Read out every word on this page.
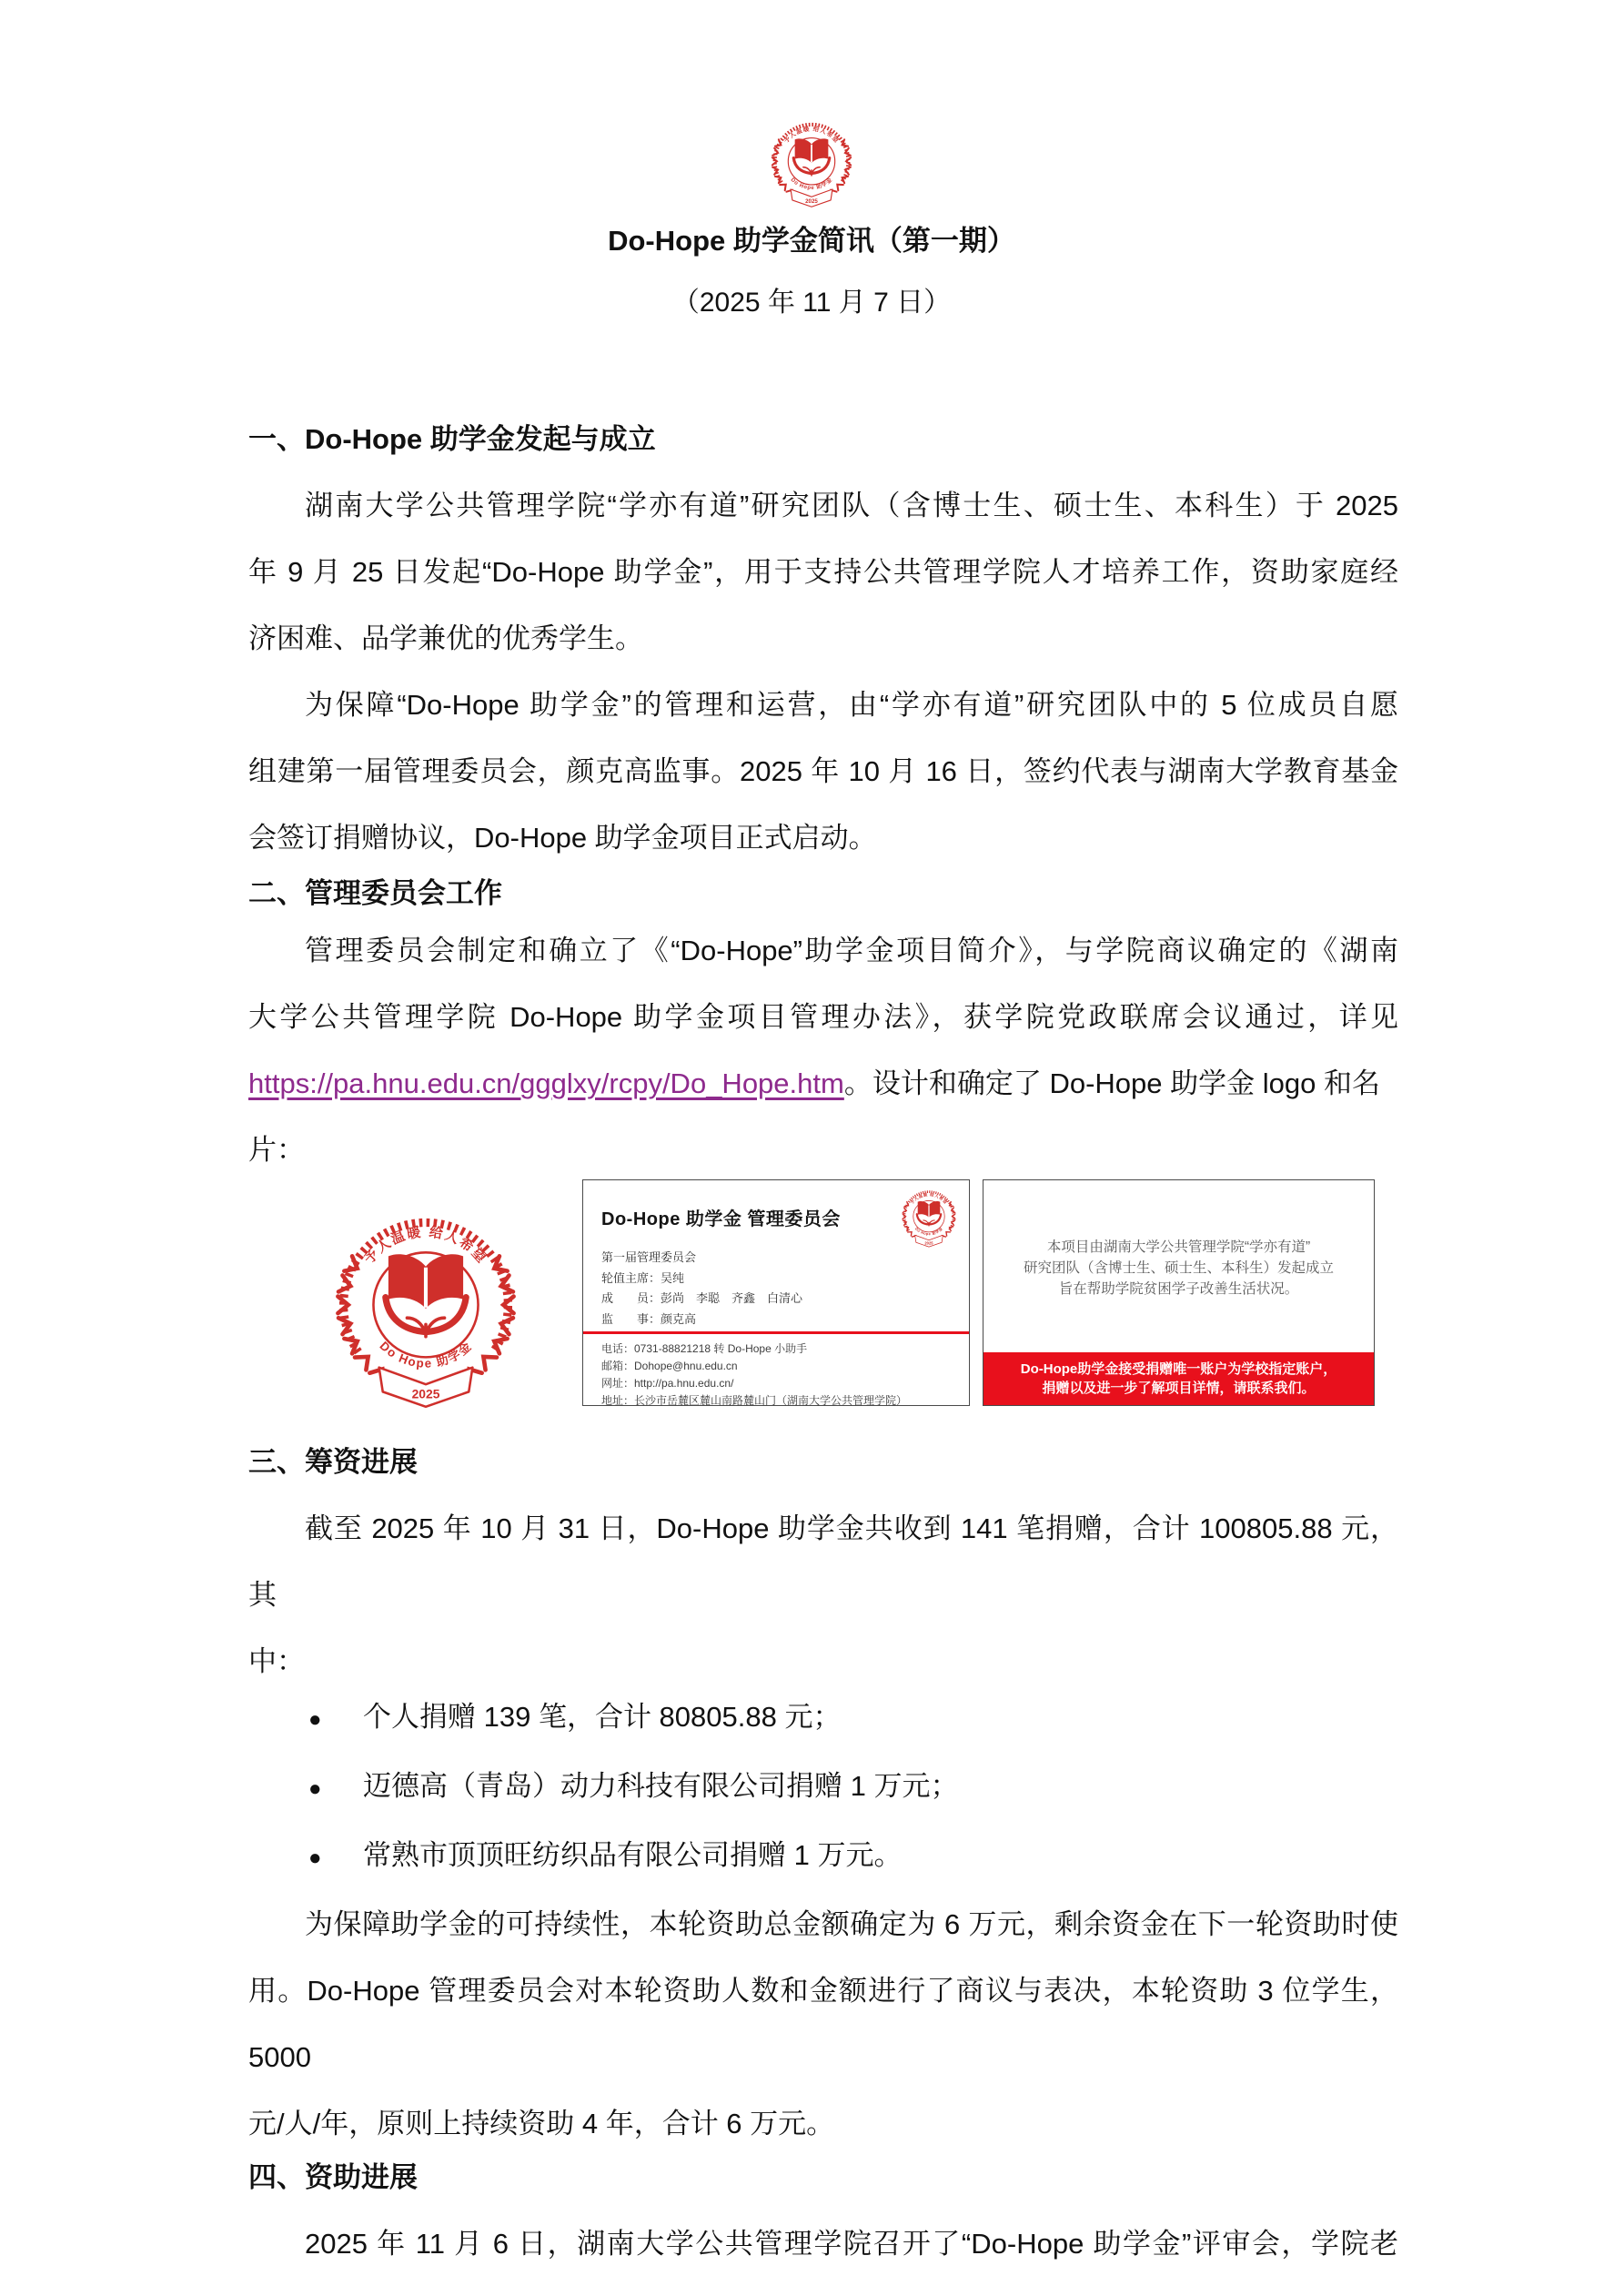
Do-Hope 助学金简讯（第一期）
（2025 年 11 月 7 日）
一、Do-Hope 助学金发起与成立
湖南大学公共管理学院“学亦有道”研究团队（含博士生、硕士生、本科生）于 2025
年 9 月 25 日发起“Do-Hope 助学金”，用于支持公共管理学院人才培养工作，资助家庭经
济困难、品学兼优的优秀学生。
为保障“Do-Hope 助学金”的管理和运营，由“学亦有道”研究团队中的 5 位成员自愿
组建第一届管理委员会，颜克高监事。2025 年 10 月 16 日，签约代表与湖南大学教育基金
会签订捐赠协议，Do-Hope 助学金项目正式启动。
二、管理委员会工作
管理委员会制定和确立了《“Do-Hope”助学金项目简介》，与学院商议确定的《湖南
大学公共管理学院 Do-Hope 助学金项目管理办法》，获学院党政联席会议通过，详见
https://pa.hnu.edu.cn/ggglxy/rcpy/Do_Hope.htm。设计和确定了 Do-Hope 助学金 logo 和名片：
Do-Hope 助学金 管理委员会
第一届管理委员会
轮值主席：吴纯
成　　员：彭尚　李聪　齐鑫　白清心
监　　事：颜克高
电话：0731-88821218 转 Do-Hope 小助手
邮箱：Dohope@hnu.edu.cn
网址：http://pa.hnu.edu.cn/
地址：长沙市岳麓区麓山南路麓山门（湖南大学公共管理学院）
本项目由湖南大学公共管理学院“学亦有道”
研究团队（含博士生、硕士生、本科生）发起成立
旨在帮助学院贫困学子改善生活状况。
Do-Hope助学金接受捐赠唯一账户为学校指定账户，
捐赠以及进一步了解项目详情，请联系我们。
三、筹资进展
截至 2025 年 10 月 31 日，Do-Hope 助学金共收到 141 笔捐赠，合计 100805.88 元，其
中：
●	个人捐赠 139 笔，合计 80805.88 元；
●	迈德高（青岛）动力科技有限公司捐赠 1 万元；
●	常熟市顶顶旺纺织品有限公司捐赠 1 万元。
为保障助学金的可持续性，本轮资助总金额确定为 6 万元，剩余资金在下一轮资助时使
用。Do-Hope 管理委员会对本轮资助人数和金额进行了商议与表决，本轮资助 3 位学生，5000
元/人/年，原则上持续资助 4 年，合计 6 万元。
四、资助进展
2025 年 11 月 6 日，湖南大学公共管理学院召开了“Do-Hope 助学金”评审会，学院老
